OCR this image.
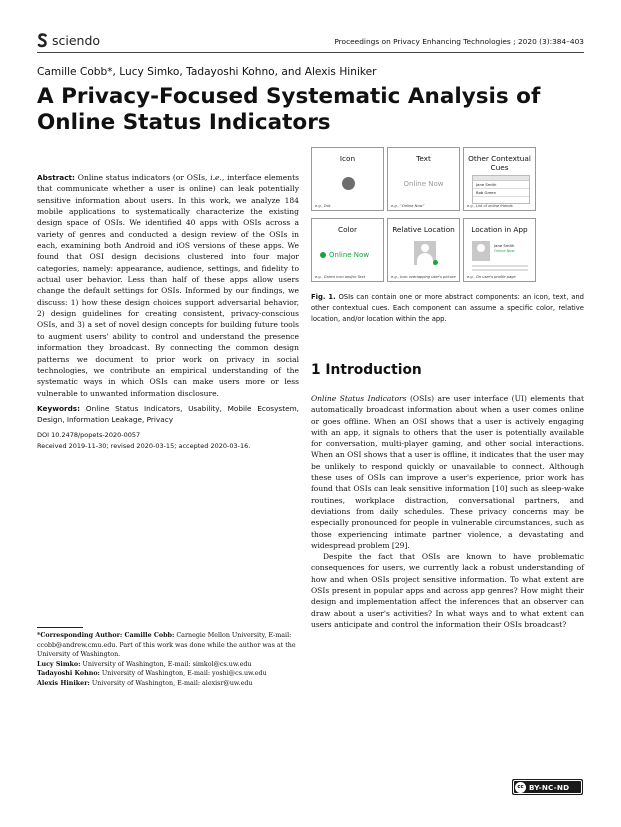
sciendo	Proceedings on Privacy Enhancing Technologies ; 2020 (3):384–403
Camille Cobb*, Lucy Simko, Tadayoshi Kohno, and Alexis Hiniker
A Privacy-Focused Systematic Analysis of Online Status Indicators

Abstract: Online status indicators (or OSIs, i.e., interface elements that communicate whether a user is online) can leak potentially sensitive information about users. In this work, we analyze 184 mobile applications to systematically characterize the existing design space of OSIs. We identified 40 apps with OSIs across a variety of genres and conducted a design review of the OSIs in each, examining both Android and iOS versions of these apps. We found that OSI design decisions clustered into four major categories, namely: appearance, audience, settings, and fidelity to actual user behavior. Less than half of these apps allow users change the default settings for OSIs. Informed by our findings, we discuss: 1) how these design choices support adversarial behavior, 2) design guidelines for creating consistent, privacy-conscious OSIs, and 3) a set of novel design concepts for building future tools to augment users' ability to control and understand the presence information they broadcast. By connecting the common design patterns we document to prior work on privacy in social technologies, we contribute an empirical understanding of the systematic ways in which OSIs can make users more or less vulnerable to unwanted information disclosure.

Keywords: Online Status Indicators, Usability, Mobile Ecosystem, Design, Information Leakage, Privacy

DOI 10.2478/popets-2020-0057

Received 2019-11-30; revised 2020-03-15; accepted 2020-03-16.

*Corresponding Author: Camille Cobb: Carnegie Mellon University, E-mail: ccobb@andrew.cmu.edu. Part of this work was done while the author was at the University of Washington.

Lucy Simko: University of Washington, E-mail: simkol@cs.uw.edu

Tadayoshi Kohno: University of Washington, E-mail: yoshi@cs.uw.edu

Alexis Hiniker: University of Washington, E-mail: alexisr@uw.edu

Icon
e.g., Dot
Text
Online Now
e.g., “Online Now”
Other Contextual Cues
Jane Smith
Bob Green
e.g., List of online friends
Color
Online Now
e.g., Green icon and/or Text
Relative Location
e.g., Icon overlapping user's picture
Location in App
Jane Smith
Online Now
e.g., On user's profile page
Fig. 1. OSIs can contain one or more abstract components: an icon, text, and other contextual cues. Each component can assume a specific color, relative location, and/or location within the app.
1 Introduction

Online Status Indicators (OSIs) are user interface (UI) elements that automatically broadcast information about when a user comes online or goes offline. When an OSI shows that a user is actively engaging with an app, it signals to others that the user is potentially available for conversation, multi-player gaming, and other social interactions. When an OSI shows that a user is offline, it indicates that the user may be unlikely to respond quickly or unavailable to connect. Although these uses of OSIs can improve a user's experience, prior work has found that OSIs can leak sensitive information [10] such as sleep-wake routines, workplace distraction, conversational partners, and deviations from daily schedules. These privacy concerns may be especially pronounced for people in vulnerable circumstances, such as those experiencing intimate partner violence, a devastating and widespread problem [29].

Despite the fact that OSIs are known to have problematic consequences for users, we currently lack a robust understanding of how and when OSIs project sensitive information. To what extent are OSIs present in popular apps and across app genres? How might their design and implementation affect the inferences that an observer can draw about a user's activities? In what ways and to what extent can users anticipate and control the information their OSIs broadcast?

cc BY-NC-ND
